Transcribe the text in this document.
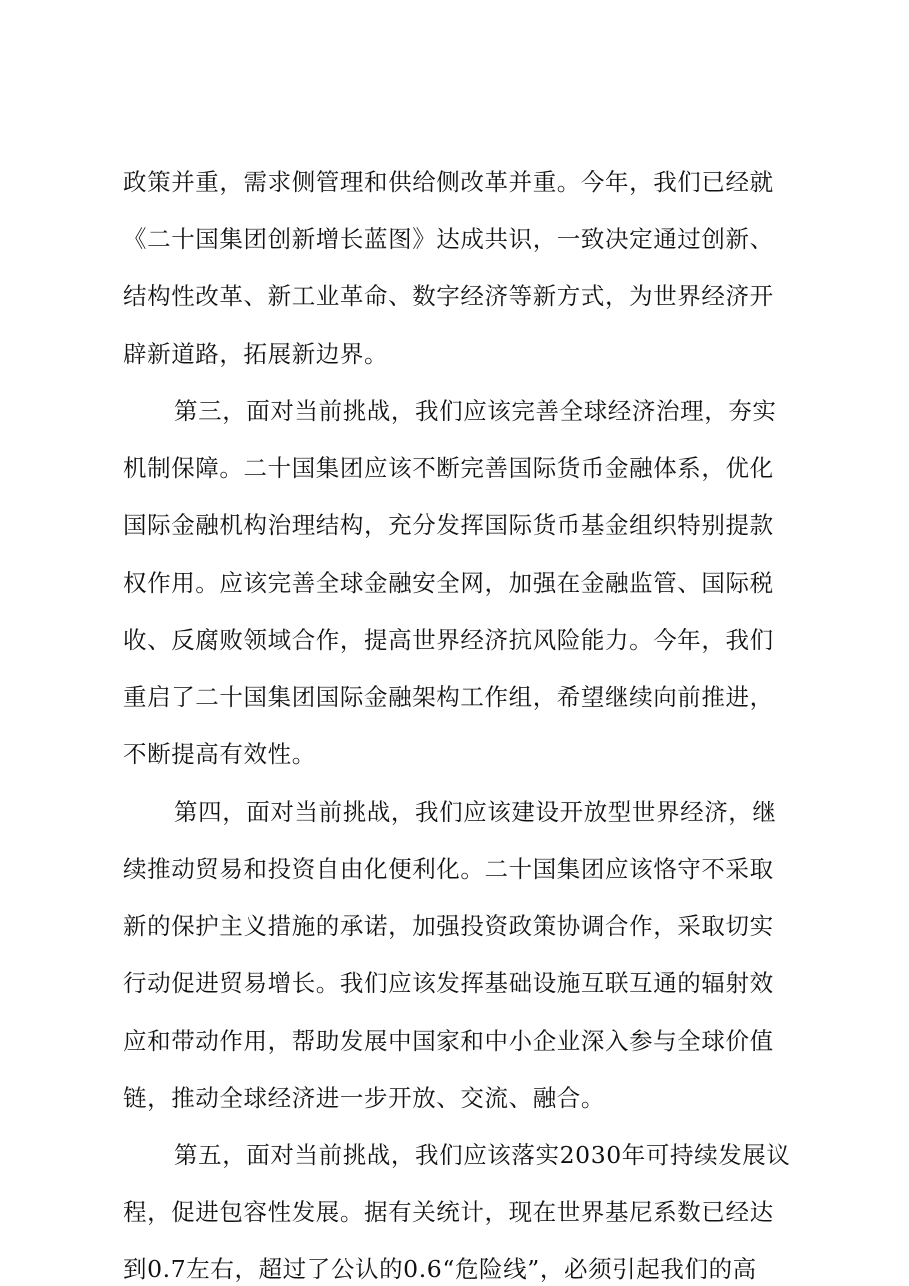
政策并重，需求侧管理和供给侧改革并重。今年，我们已经就
《二十国集团创新增长蓝图》达成共识，一致决定通过创新、
结构性改革、新工业革命、数字经济等新方式，为世界经济开
辟新道路，拓展新边界。
第三，面对当前挑战，我们应该完善全球经济治理，夯实
机制保障。二十国集团应该不断完善国际货币金融体系，优化
国际金融机构治理结构，充分发挥国际货币基金组织特别提款
权作用。应该完善全球金融安全网，加强在金融监管、国际税
收、反腐败领域合作，提高世界经济抗风险能力。今年，我们
重启了二十国集团国际金融架构工作组，希望继续向前推进，
不断提高有效性。
第四，面对当前挑战，我们应该建设开放型世界经济，继
续推动贸易和投资自由化便利化。二十国集团应该恪守不采取
新的保护主义措施的承诺，加强投资政策协调合作，采取切实
行动促进贸易增长。我们应该发挥基础设施互联互通的辐射效
应和带动作用，帮助发展中国家和中小企业深入参与全球价值
链，推动全球经济进一步开放、交流、融合。
第五，面对当前挑战，我们应该落实2030年可持续发展议
程，促进包容性发展。据有关统计，现在世界基尼系数已经达
到0.7左右，超过了公认的0.6“危险线”，必须引起我们的高
